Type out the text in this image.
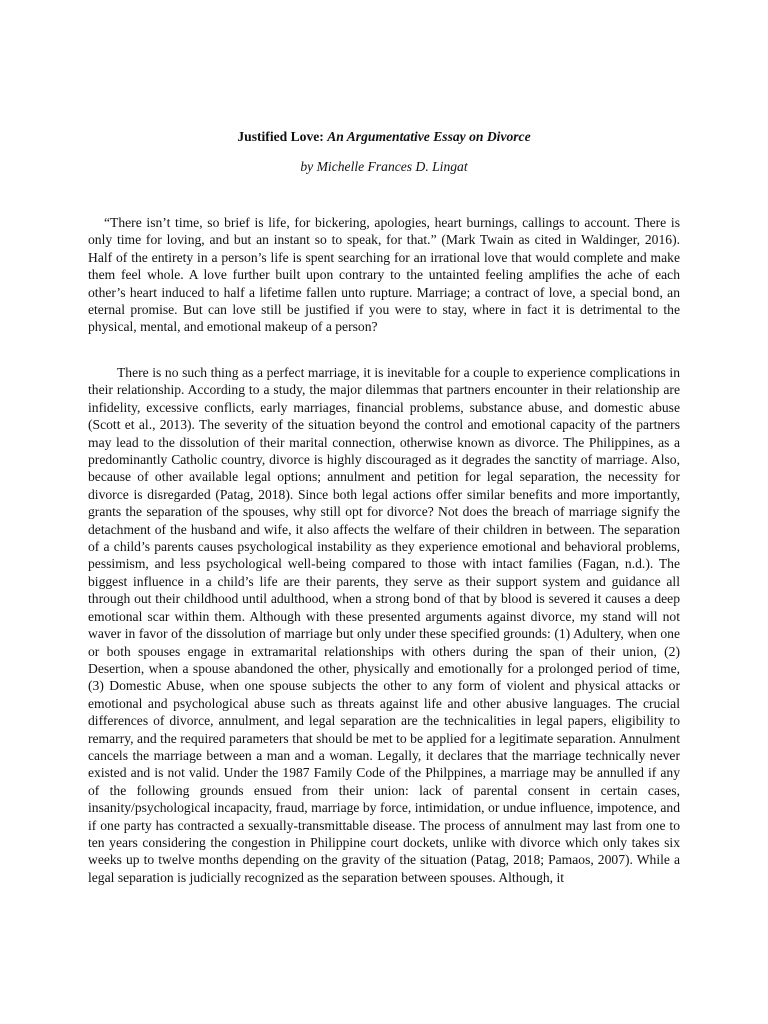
Justified Love: An Argumentative Essay on Divorce
by Michelle Frances D. Lingat

“There isn’t time, so brief is life, for bickering, apologies, heart burnings, callings to account. There is only time for loving, and but an instant so to speak, for that.” (Mark Twain as cited in Waldinger, 2016). Half of the entirety in a person’s life is spent searching for an irrational love that would complete and make them feel whole. A love further built upon contrary to the untainted feeling amplifies the ache of each other’s heart induced to half a lifetime fallen unto rupture. Marriage; a contract of love, a special bond, an eternal promise. But can love still be justified if you were to stay, where in fact it is detrimental to the physical, mental, and emotional makeup of a person?

There is no such thing as a perfect marriage, it is inevitable for a couple to experience complications in their relationship. According to a study, the major dilemmas that partners encounter in their relationship are infidelity, excessive conflicts, early marriages, financial problems, substance abuse, and domestic abuse (Scott et al., 2013). The severity of the situation beyond the control and emotional capacity of the partners may lead to the dissolution of their marital connection, otherwise known as divorce. The Philippines, as a predominantly Catholic country, divorce is highly discouraged as it degrades the sanctity of marriage. Also, because of other available legal options; annulment and petition for legal separation, the necessity for divorce is disregarded (Patag, 2018). Since both legal actions offer similar benefits and more importantly, grants the separation of the spouses, why still opt for divorce? Not does the breach of marriage signify the detachment of the husband and wife, it also affects the welfare of their children in between. The separation of a child’s parents causes psychological instability as they experience emotional and behavioral problems, pessimism, and less psychological well-being compared to those with intact families (Fagan, n.d.). The biggest influence in a child’s life are their parents, they serve as their support system and guidance all through out their childhood until adulthood, when a strong bond of that by blood is severed it causes a deep emotional scar within them. Although with these presented arguments against divorce, my stand will not waver in favor of the dissolution of marriage but only under these specified grounds: (1) Adultery, when one or both spouses engage in extramarital relationships with others during the span of their union, (2) Desertion, when a spouse abandoned the other, physically and emotionally for a prolonged period of time, (3) Domestic Abuse, when one spouse subjects the other to any form of violent and physical attacks or emotional and psychological abuse such as threats against life and other abusive languages. The crucial differences of divorce, annulment, and legal separation are the technicalities in legal papers, eligibility to remarry, and the required parameters that should be met to be applied for a legitimate separation. Annulment cancels the marriage between a man and a woman. Legally, it declares that the marriage technically never existed and is not valid. Under the 1987 Family Code of the Philppines, a marriage may be annulled if any of the following grounds ensued from their union: lack of parental consent in certain cases, insanity/psychological incapacity, fraud, marriage by force, intimidation, or undue influence, impotence, and if one party has contracted a sexually-transmittable disease. The process of annulment may last from one to ten years considering the congestion in Philippine court dockets, unlike with divorce which only takes six weeks up to twelve months depending on the gravity of the situation (Patag, 2018; Pamaos, 2007). While a legal separation is judicially recognized as the separation between spouses. Although, it
